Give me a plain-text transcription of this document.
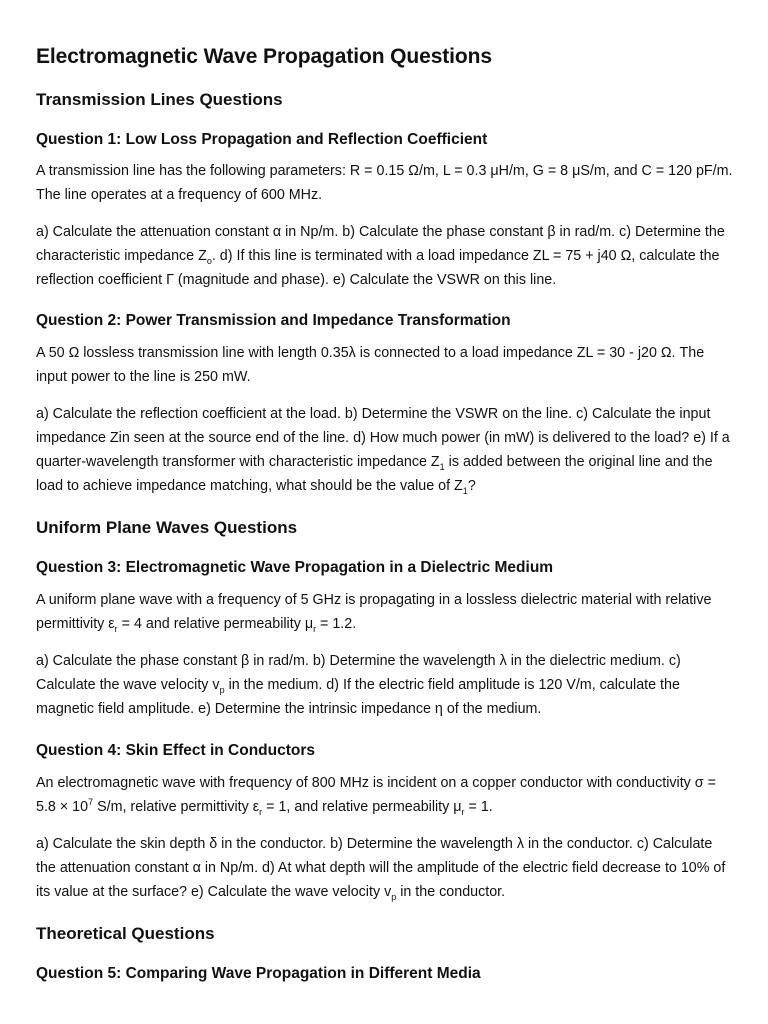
Electromagnetic Wave Propagation Questions
Transmission Lines Questions
Question 1: Low Loss Propagation and Reflection Coefficient

A transmission line has the following parameters: R = 0.15 Ω/m, L = 0.3 μH/m, G = 8 μS/m, and C = 120 pF/m. The line operates at a frequency of 600 MHz.

a) Calculate the attenuation constant α in Np/m. b) Calculate the phase constant β in rad/m. c) Determine the characteristic impedance $Z_o$. d) If this line is terminated with a load impedance ZL = 75 + j40 Ω, calculate the reflection coefficient Γ (magnitude and phase). e) Calculate the VSWR on this line.

Question 2: Power Transmission and Impedance Transformation

A 50 Ω lossless transmission line with length 0.35λ is connected to a load impedance ZL = 30 - j20 Ω. The input power to the line is 250 mW.

a) Calculate the reflection coefficient at the load. b) Determine the VSWR on the line. c) Calculate the input impedance Zin seen at the source end of the line. d) How much power (in mW) is delivered to the load? e) If a quarter-wavelength transformer with characteristic impedance $Z_1$ is added between the original line and the load to achieve impedance matching, what should be the value of $Z_1$?

Uniform Plane Waves Questions
Question 3: Electromagnetic Wave Propagation in a Dielectric Medium

A uniform plane wave with a frequency of 5 GHz is propagating in a lossless dielectric material with relative permittivity $\varepsilon_r = 4$ and relative permeability $\mu_r = 1.2$.

a) Calculate the phase constant β in rad/m. b) Determine the wavelength λ in the dielectric medium. c) Calculate the wave velocity $v_p$ in the medium. d) If the electric field amplitude is 120 V/m, calculate the magnetic field amplitude. e) Determine the intrinsic impedance η of the medium.

Question 4: Skin Effect in Conductors

An electromagnetic wave with frequency of 800 MHz is incident on a copper conductor with conductivity $\sigma = 5.8 \times 10^7$ S/m, relative permittivity $\varepsilon_r = 1$, and relative permeability $\mu_r = 1$.

a) Calculate the skin depth δ in the conductor. b) Determine the wavelength λ in the conductor. c) Calculate the attenuation constant α in Np/m. d) At what depth will the amplitude of the electric field decrease to 10% of its value at the surface? e) Calculate the wave velocity $v_p$ in the conductor.

Theoretical Questions
Question 5: Comparing Wave Propagation in Different Media
